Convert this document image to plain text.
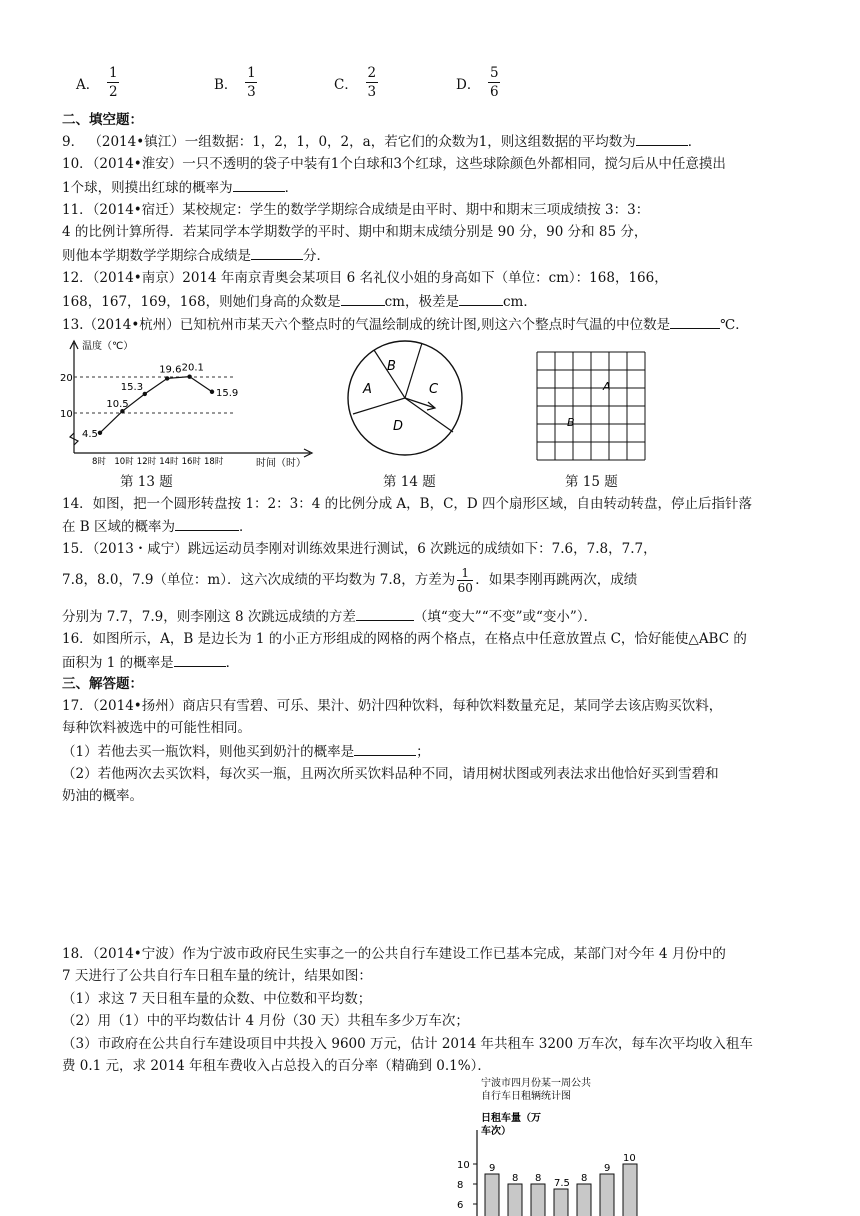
A． $\frac{1}{2}$	B． $\frac{1}{3}$	C． $\frac{2}{3}$	D． $\frac{5}{6}$
二、填空题：
9． （2014•镇江）一组数据：1，2，1，0，2，a，若它们的众数为1，则这组数据的平均数为	．
10．（2014•淮安）一只不透明的袋子中装有1个白球和3个红球，这些球除颜色外都相同，搅匀后从中任意摸出
1个球，则摸出红球的概率为	．
11．（2014•宿迁）某校规定：学生的数学学期综合成绩是由平时、期中和期末三项成绩按 3：3：
4 的比例计算所得．若某同学本学期数学的平时、期中和期末成绩分别是 90 分，90 分和 85 分，
则他本学期数学学期综合成绩是	分．
12．（2014•南京）2014 年南京青奥会某项目 6 名礼仪小姐的身高如下（单位：cm）：168，166，
168，167，169，168，则她们身高的众数是	cm，极差是	cm．
13.（2014•杭州）已知杭州市某天六个整点时的气温绘制成的统计图,则这六个整点时气温的中位数是	℃．
温度（℃）
20
10
4.5
10.5
15.3
19.6 20.1
15.9
8时 10时 12时 14时 16时 18时	时间（时）
B
A	C
D
A
B
第 13 题	第 14 题	第 15 题
14．如图，把一个圆形转盘按 1：2：3：4 的比例分成 A，B，C，D 四个扇形区域，自由转动转盘，停止后指针落
在 B 区域的概率为	．
15．（2013・咸宁）跳远运动员李刚对训练效果进行测试，6 次跳远的成绩如下：7.6，7.8，7.7，
7.8，8.0，7.9（单位：m）．这六次成绩的平均数为 7.8，方差为 $\frac{1}{60}$ ．如果李刚再跳两次，成绩
分别为 7.7，7.9，则李刚这 8 次跳远成绩的方差	（填“变大”“不变”或“变小”）．
16．如图所示，A，B 是边长为 1 的小正方形组成的网格的两个格点，在格点中任意放置点 C，恰好能使△ABC 的
面积为 1 的概率是	．
三、解答题：
17．（2014•扬州）商店只有雪碧、可乐、果汁、奶汁四种饮料，每种饮料数量充足，某同学去该店购买饮料，
每种饮料被选中的可能性相同。
（1）若他去买一瓶饮料，则他买到奶汁的概率是	；
（2）若他两次去买饮料，每次买一瓶，且两次所买饮料品种不同，请用树状图或列表法求出他恰好买到雪碧和
奶油的概率。
18．（2014•宁波）作为宁波市政府民生实事之一的公共自行车建设工作已基本完成，某部门对今年 4 月份中的
7 天进行了公共自行车日租车量的统计，结果如图：
（1）求这 7 天日租车量的众数、中位数和平均数；
（2）用（1）中的平均数估计 4 月份（30 天）共租车多少万车次；
（3）市政府在公共自行车建设项目中共投入 9600 万元，估计 2014 年共租车 3200 万车次，每车次平均收入租车
费 0.1 元，求 2014 年租车费收入占总投入的百分率（精确到 0.1%）．
宁波市四月份某一周公共
自行车日租辆统计图
日租车量（万
车次）
10
8
6
9
8 8 7.5 8
9
10
